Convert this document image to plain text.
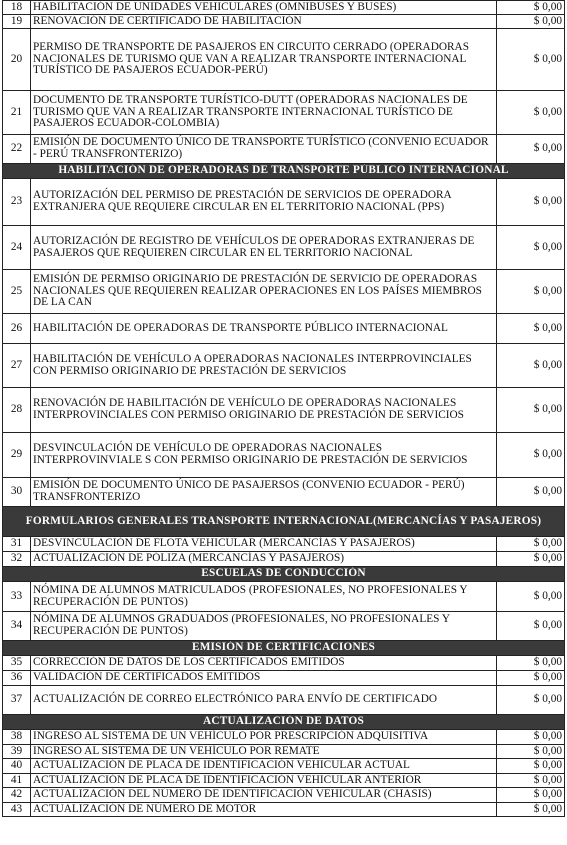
18	HABILITACIÓN DE UNIDADES VEHICULARES (OMNIBUSES Y BUSES)	$ 0,00
19	RENOVACIÓN DE CERTIFICADO DE HABILITACIÓN	$ 0,00
20	PERMISO DE TRANSPORTE DE PASAJEROS EN CIRCUITO CERRADO (OPERADORAS NACIONALES DE TURISMO QUE VAN A REALIZAR TRANSPORTE INTERNACIONAL TURÍSTICO DE PASAJEROS ECUADOR-PERÚ)	$ 0,00
21	DOCUMENTO DE TRANSPORTE TURÍSTICO-DUTT (OPERADORAS NACIONALES DE TURISMO QUE VAN A REALIZAR TRANSPORTE INTERNACIONAL TURÍSTICO DE PASAJEROS ECUADOR-COLOMBIA)	$ 0,00
22	EMISIÓN DE DOCUMENTO ÚNICO DE TRANSPORTE TURÍSTICO (CONVENIO ECUADOR - PERÚ TRANSFRONTERIZO)	$ 0,00
HABILITACIÓN DE OPERADORAS DE TRANSPORTE PÚBLICO INTERNACIONAL		
23	AUTORIZACIÓN DEL PERMISO DE PRESTACIÓN DE SERVICIOS DE OPERADORA EXTRANJERA QUE REQUIERE CIRCULAR EN EL TERRITORIO NACIONAL (PPS)	$ 0,00
24	AUTORIZACIÓN DE REGISTRO DE VEHÍCULOS DE OPERADORAS EXTRANJERAS DE PASAJEROS QUE REQUIEREN CIRCULAR EN EL TERRITORIO NACIONAL	$ 0,00
25	EMISIÓN DE PERMISO ORIGINARIO DE PRESTACIÓN DE SERVICIO DE OPERADORAS NACIONALES QUE REQUIEREN REALIZAR OPERACIONES EN LOS PAÍSES MIEMBROS DE LA CAN	$ 0,00
26	HABILITACIÓN DE OPERADORAS DE TRANSPORTE PÚBLICO INTERNACIONAL	$ 0,00
27	HABILITACIÓN DE VEHÍCULO A OPERADORAS NACIONALES INTERPROVINCIALES CON PERMISO ORIGINARIO DE PRESTACIÓN DE SERVICIOS	$ 0,00
28	RENOVACIÓN DE HABILITACIÓN DE VEHÍCULO DE OPERADORAS NACIONALES INTERPROVINCIALES CON PERMISO ORIGINARIO DE PRESTACIÓN DE SERVICIOS	$ 0,00
29	DESVINCULACIÓN DE VEHÍCULO DE OPERADORAS NACIONALES INTERPROVINVIALE S CON PERMISO ORIGINARIO DE PRESTACIÓN DE SERVICIOS	$ 0,00
30	EMISIÓN DE DOCUMENTO ÚNICO DE PASAJERSOS (CONVENIO ECUADOR - PERÚ) TRANSFRONTERIZO	$ 0,00
FORMULARIOS GENERALES TRANSPORTE INTERNACIONAL(MERCANCÍAS Y PASAJEROS)		
31	DESVINCULACIÓN DE FLOTA VEHICULAR (MERCANCÍAS Y PASAJEROS)	$ 0,00
32	ACTUALIZACIÓN DE PÓLIZA (MERCANCÍAS Y PASAJEROS)	$ 0,00
ESCUELAS DE CONDUCCIÓN		
33	NÓMINA DE ALUMNOS MATRICULADOS (PROFESIONALES, NO PROFESIONALES Y RECUPERACIÓN DE PUNTOS)	$ 0,00
34	NÓMINA DE ALUMNOS GRADUADOS (PROFESIONALES, NO PROFESIONALES Y RECUPERACIÓN DE PUNTOS)	$ 0,00
EMISIÓN DE CERTIFICACIONES		
35	CORRECCIÓN DE DATOS DE LOS CERTIFICADOS EMITIDOS	$ 0,00
36	VALIDACIÓN DE CERTIFICADOS EMITIDOS	$ 0,00
37	ACTUALIZACIÓN DE CORREO ELECTRÓNICO PARA ENVÍO DE CERTIFICADO	$ 0,00
ACTUALIZACIÓN DE DATOS		
38	INGRESO AL SISTEMA DE UN VEHÍCULO POR PRESCRIPCIÓN ADQUISITIVA	$ 0,00
39	INGRESO AL SISTEMA DE UN VEHÍCULO POR REMATE	$ 0,00
40	ACTUALIZACIÓN DE PLACA DE IDENTIFICACIÓN VEHICULAR ACTUAL	$ 0,00
41	ACTUALIZACIÓN DE PLACA DE IDENTIFICACIÓN VEHICULAR ANTERIOR	$ 0,00
42	ACTUALIZACIÓN DEL NÚMERO DE IDENTIFICACIÓN VEHICULAR (CHASIS)	$ 0,00
43	ACTUALIZACIÓN DE NÚMERO DE MOTOR	$ 0,00
